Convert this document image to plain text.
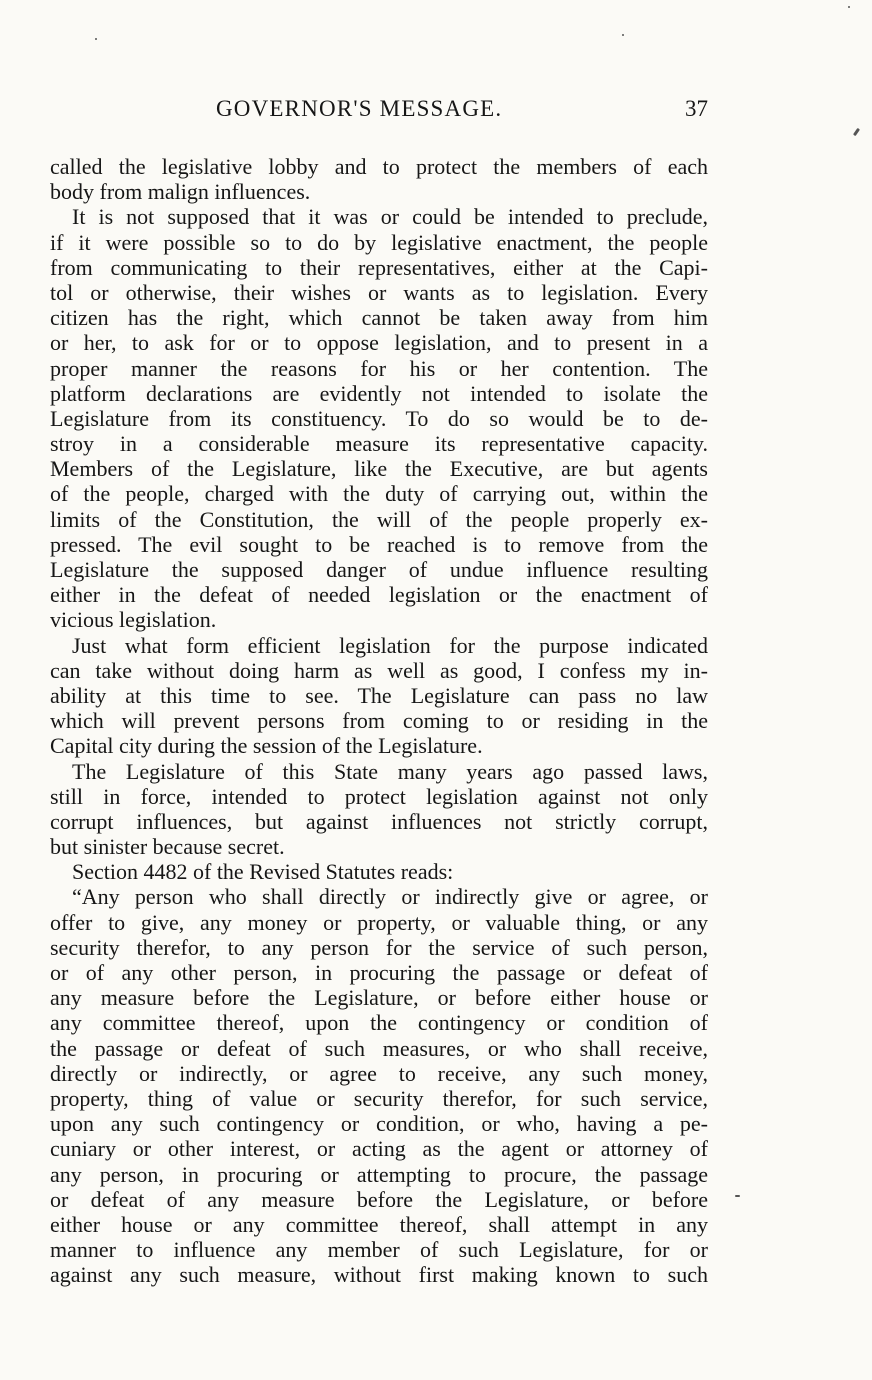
GOVERNOR'S MESSAGE.	37
called the legislative lobby and to protect the members of each
body from malign influences.
It is not supposed that it was or could be intended to preclude,
if it were possible so to do by legislative enactment, the people
from communicating to their representatives, either at the Capi-
tol or otherwise, their wishes or wants as to legislation. Every
citizen has the right, which cannot be taken away from him
or her, to ask for or to oppose legislation, and to present in a
proper manner the reasons for his or her contention. The
platform declarations are evidently not intended to isolate the
Legislature from its constituency. To do so would be to de-
stroy in a considerable measure its representative capacity.
Members of the Legislature, like the Executive, are but agents
of the people, charged with the duty of carrying out, within the
limits of the Constitution, the will of the people properly ex-
pressed. The evil sought to be reached is to remove from the
Legislature the supposed danger of undue influence resulting
either in the defeat of needed legislation or the enactment of
vicious legislation.
Just what form efficient legislation for the purpose indicated
can take without doing harm as well as good, I confess my in-
ability at this time to see. The Legislature can pass no law
which will prevent persons from coming to or residing in the
Capital city during the session of the Legislature.
The Legislature of this State many years ago passed laws,
still in force, intended to protect legislation against not only
corrupt influences, but against influences not strictly corrupt,
but sinister because secret.
Section 4482 of the Revised Statutes reads:
“Any person who shall directly or indirectly give or agree, or
offer to give, any money or property, or valuable thing, or any
security therefor, to any person for the service of such person,
or of any other person, in procuring the passage or defeat of
any measure before the Legislature, or before either house or
any committee thereof, upon the contingency or condition of
the passage or defeat of such measures, or who shall receive,
directly or indirectly, or agree to receive, any such money,
property, thing of value or security therefor, for such service,
upon any such contingency or condition, or who, having a pe-
cuniary or other interest, or acting as the agent or attorney of
any person, in procuring or attempting to procure, the passage
or defeat of any measure before the Legislature, or before
either house or any committee thereof, shall attempt in any
manner to influence any member of such Legislature, for or
against any such measure, without first making known to such
